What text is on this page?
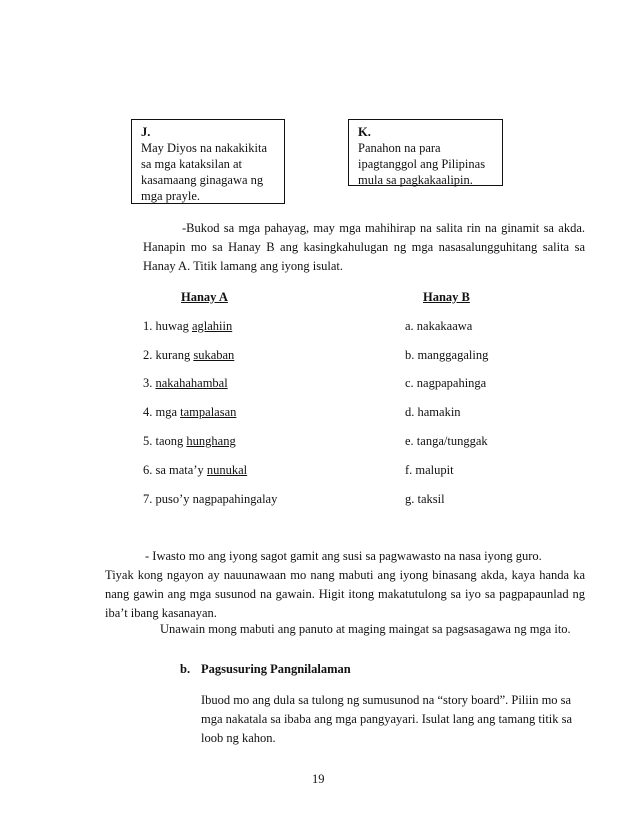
J.
May Diyos na nakakikita
sa mga kataksilan at
kasamaang ginagawa ng
mga prayle.
K.
Panahon na para
ipagtanggol ang Pilipinas
mula sa pagkakaalipin.
-Bukod sa mga pahayag, may mga mahihirap na salita rin na ginamit sa akda.
Hanapin mo sa Hanay B ang kasingkahulugan ng mga nasasalungguhitang salita sa
Hanay A. Titik lamang ang iyong isulat.
Hanay A	Hanay B
1. huwag aglahiin
2. kurang sukaban
3. nakahahambal
4. mga tampalasan
5. taong hunghang
6. sa mata’y nunukal
7. puso’y nagpapahingalay
a. nakakaawa
b. manggagaling
c. nagpapahinga
d. hamakin
e. tanga/tunggak
f. malupit
g. taksil
- Iwasto mo ang iyong sagot gamit ang susi sa pagwawasto na nasa iyong guro.
Tiyak kong ngayon ay nauunawaan mo nang mabuti ang iyong binasang akda, kaya handa ka
nang gawin ang mga susunod na gawain. Higit itong makatutulong sa iyo sa pagpapaunlad ng
iba’t ibang kasanayan.
Unawain mong mabuti ang panuto at maging maingat sa pagsasagawa ng mga ito.
b. Pagsusuring Pangnilalaman
Ibuod mo ang dula sa tulong ng sumusunod na “story board”. Piliin mo sa
mga nakatala sa ibaba ang mga pangyayari. Isulat lang ang tamang titik sa
loob ng kahon.
19
